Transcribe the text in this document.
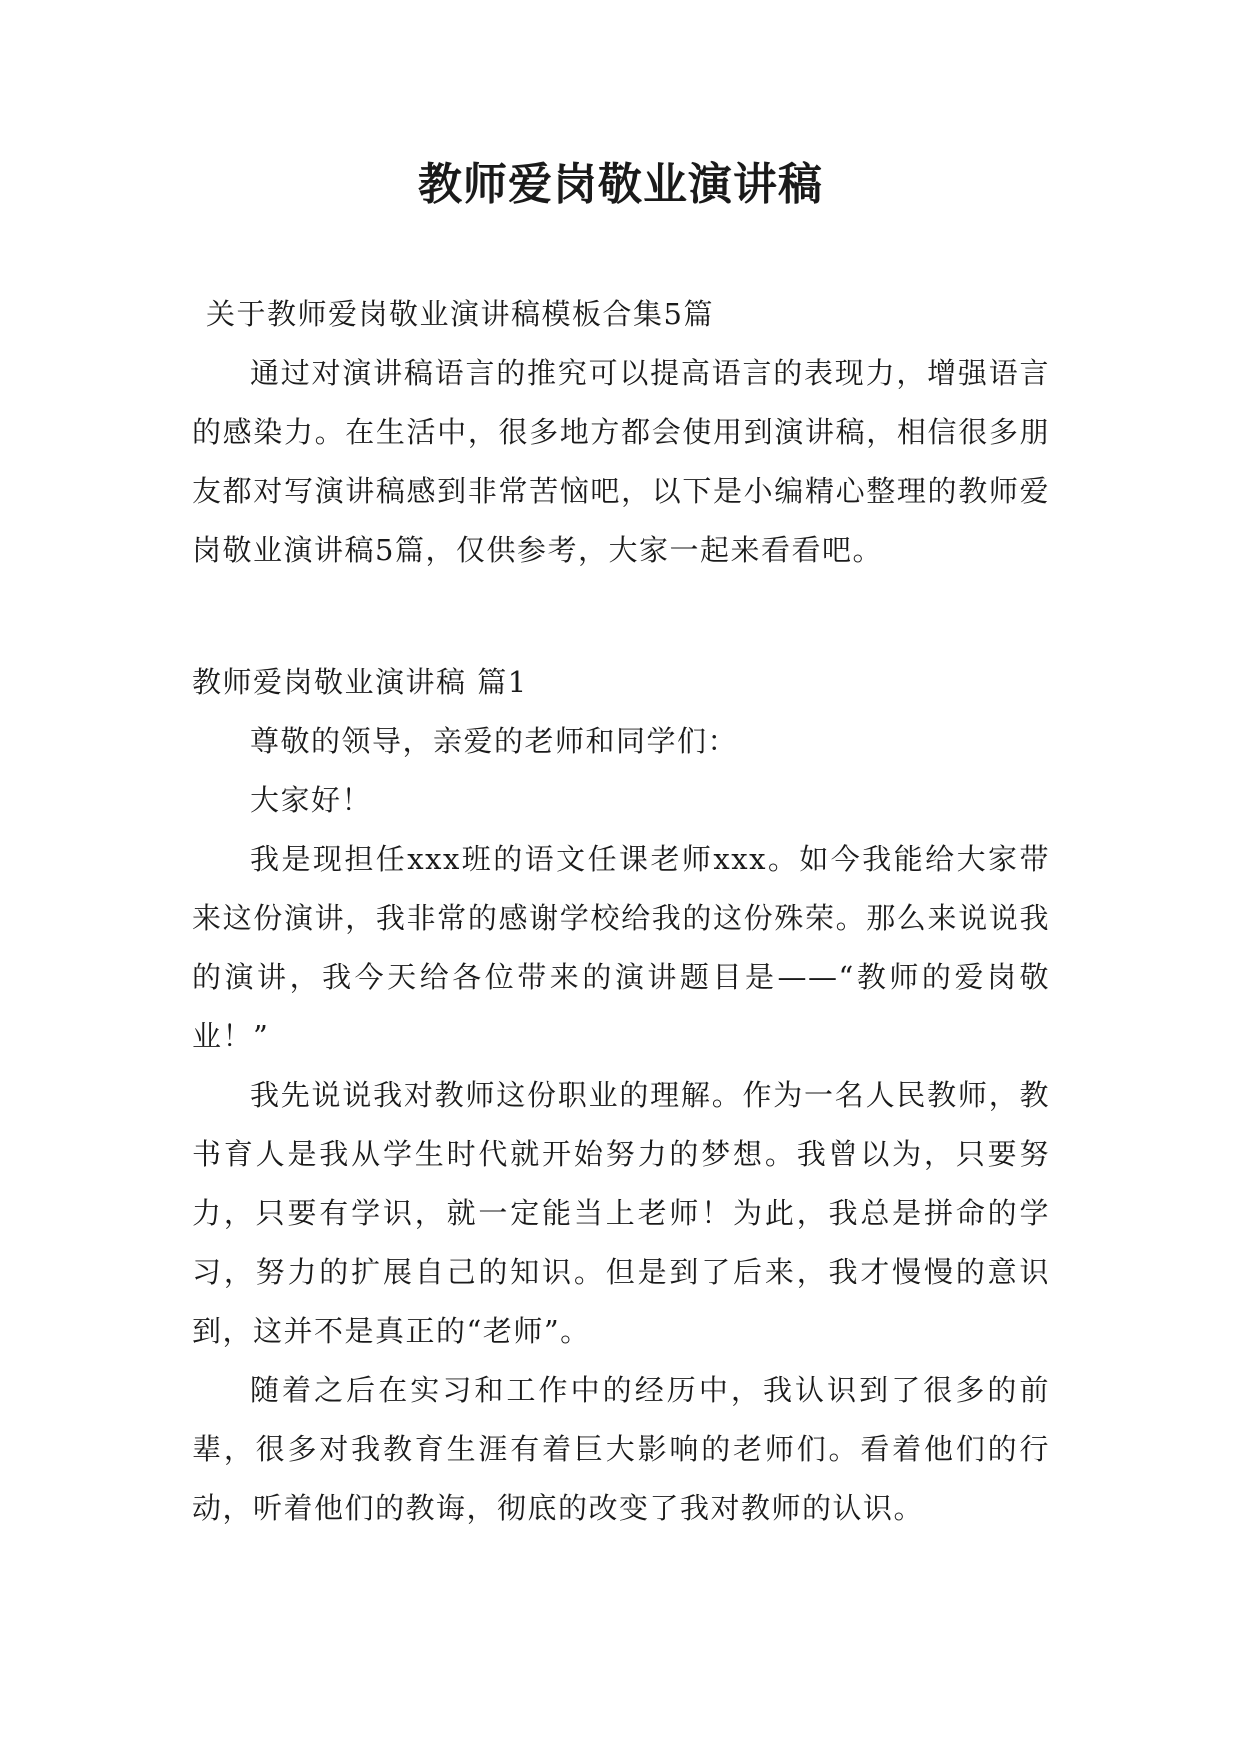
教师爱岗敬业演讲稿

关于教师爱岗敬业演讲稿模板合集5篇

通过对演讲稿语言的推究可以提高语言的表现力，增强语言的感染力。在生活中，很多地方都会使用到演讲稿，相信很多朋友都对写演讲稿感到非常苦恼吧，以下是小编精心整理的教师爱岗敬业演讲稿5篇，仅供参考，大家一起来看看吧。

教师爱岗敬业演讲稿 篇1

尊敬的领导，亲爱的老师和同学们：

大家好！

我是现担任xxx班的语文任课老师xxx。如今我能给大家带来这份演讲，我非常的感谢学校给我的这份殊荣。那么来说说我的演讲，我今天给各位带来的演讲题目是——“教师的爱岗敬业！”

我先说说我对教师这份职业的理解。作为一名人民教师，教书育人是我从学生时代就开始努力的梦想。我曾以为，只要努力，只要有学识，就一定能当上老师！为此，我总是拼命的学习，努力的扩展自己的知识。但是到了后来，我才慢慢的意识到，这并不是真正的“老师”。

随着之后在实习和工作中的经历中，我认识到了很多的前辈，很多对我教育生涯有着巨大影响的老师们。看着他们的行动，听着他们的教诲，彻底的改变了我对教师的认识。
